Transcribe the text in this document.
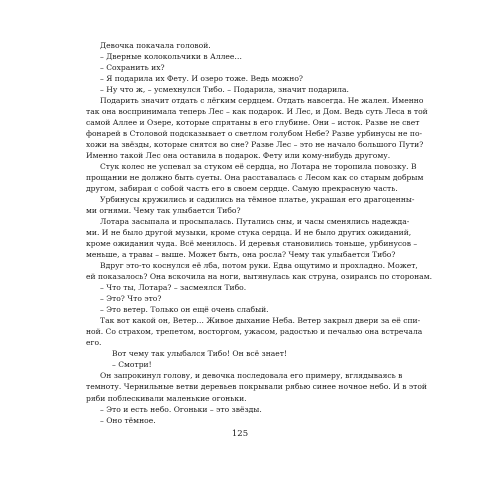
Девочка покачала головой.
– Дверные колокольчики в Аллее…
– Сохранить их?
– Я подарила их Фету. И озеро тоже. Ведь можно?
– Ну что ж, – усмехнулся Тибо. – Подарила, значит подарила.
Подарить значит отдать с лёгким сердцем. Отдать навсегда. Не жалея. Именно
так она воспринимала теперь Лес – как подарок. И Лес, и Дом. Ведь суть Леса в той
самой Аллее и Озере, которые спрятаны в его глубине. Они – исток. Разве не свет
фонарей в Столовой подсказывает о светлом голубом Небе? Разве урбинусы не по-
хожи на звёзды, которые снятся во сне? Разве Лес – это не начало большого Пути?
Именно такой Лес она оставила в подарок. Фету или кому-нибудь другому.
Стук колес не успевал за стуком её сердца, но Лотара не торопила повозку. В
прощании не должно быть суеты. Она расставалась с Лесом как со старым добрым
другом, забирая с собой частъ его в своем сердце. Самую прекрасную часть.
Урбинусы кружились и садились на тёмное платье, украшая его драгоценны-
ми огнями. Чему так улыбается Тибо?
Лотара засыпала и просыпалась. Путались сны, и часы сменялись надежда-
ми. И не было другой музыки, кроме стука сердца. И не было других ожиданий,
кроме ожидания чуда. Всё менялось. И деревья становились тоньше, урбинусов –
меньше, а травы – выше. Может быть, она росла? Чему так улыбается Тибо?
Вдруг это-то коснулся её лба, потом руки. Едва ощутимо и прохладно. Может,
ей показалось? Она вскочила на ноги, вытянулась как струна, озираясь по сторонам.
– Что ты, Лотара? – засмеялся Тибо.
– Это? Что это?
– Это ветер. Только он ещё очень слабый.
Так вот какой он, Ветер… Живое дыхание Неба. Ветер закрыл двери за её спи-
ной. Со страхом, трепетом, восторгом, ужасом, радостью и печалью она встречала
его.
Вот чему так улыбался Тибо! Он всё знает!
– Смотри!
Он запрокинул голову, и девочка последовала его примеру, вглядываясь в
темноту. Чернильные ветви деревьев покрывали рябью синее ночное небо. И в этой
ряби поблескивали маленькие огоньки.
– Это и есть небо. Огоньки – это звёзды.
– Оно тёмное.
125
